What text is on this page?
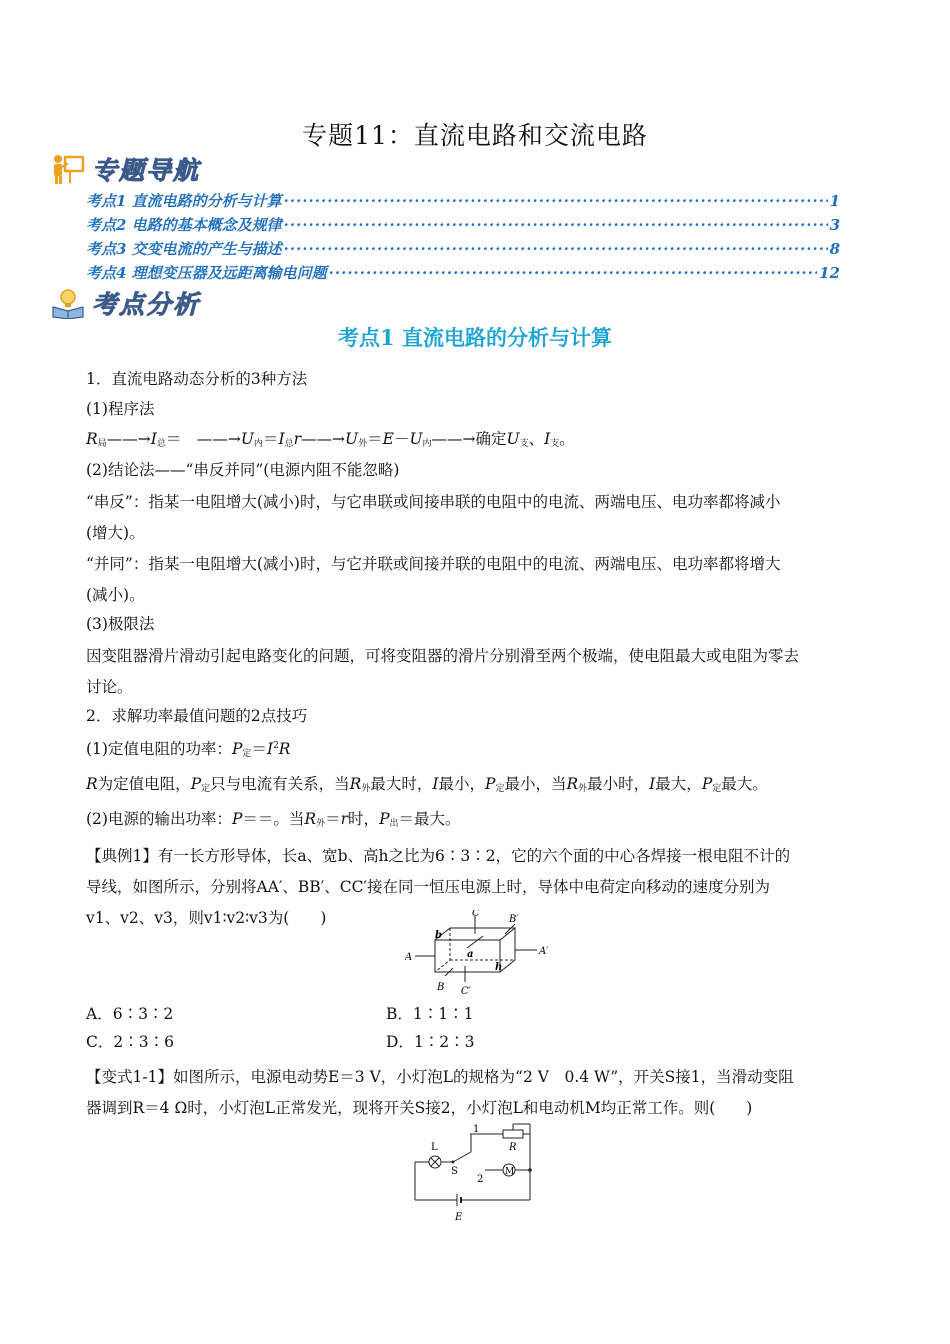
专题11：直流电路和交流电路
专题导航
考点1 直流电路的分析与计算 ·····	1
考点2 电路的基本概念及规律 ·····	3
考点3 交变电流的产生与描述 ·····	8
考点4 理想变压器及远距离输电问题 ·····	12
考点分析
考点1 直流电路的分析与计算

1．直流电路动态分析的3种方法

(1)程序法

$R_局——\to I_总=$　$——\to U_内=I_总r——\to U_外=E-U_内——\to$确定$U_支$、$I_支$。

(2)结论法——“串反并同”(电源内阻不能忽略)

“串反”：指某一电阻增大(减小)时，与它串联或间接串联的电阻中的电流、两端电压、电功率都将减小

(增大)。

“并同”：指某一电阻增大(减小)时，与它并联或间接并联的电阻中的电流、两端电压、电功率都将增大

(减小)。

(3)极限法

因变阻器滑片滑动引起电路变化的问题，可将变阻器的滑片分别滑至两个极端，使电阻最大或电阻为零去

讨论。

2．求解功率最值问题的2点技巧

(1)定值电阻的功率：$P_定=I^2R$

R为定值电阻，$P_定$只与电流有关系，当$R_外$最大时，I最小，$P_定$最小，当$R_外$最小时，I最大，$P_定$最大。

(2)电源的输出功率：P＝＝。当$R_外=r$时，$P_出=$最大。

【典例1】有一长方形导体，长a、宽b、高h之比为6∶3∶2，它的六个面的中心各焊接一根电阻不计的

导线，如图所示，分别将AA′、BB′、CC′接在同一恒压电源上时，导体中电荷定向移动的速度分别为

v1、v2、v3，则v1∶v2∶v3为(　　)

A
A′
B
B′
C
C′
b
a
h
A．6∶3∶2	B．1∶1∶1
C．2∶3∶6	D．1∶2∶3

【变式1-1】如图所示，电源电动势E＝3 V，小灯泡L的规格为“2 V　0.4 W”，开关S接1，当滑动变阻

器调到R＝4 Ω时，小灯泡L正常发光，现将开关S接2，小灯泡L和电动机M均正常工作。则(　　)

L
S
1
2
R
M
E
